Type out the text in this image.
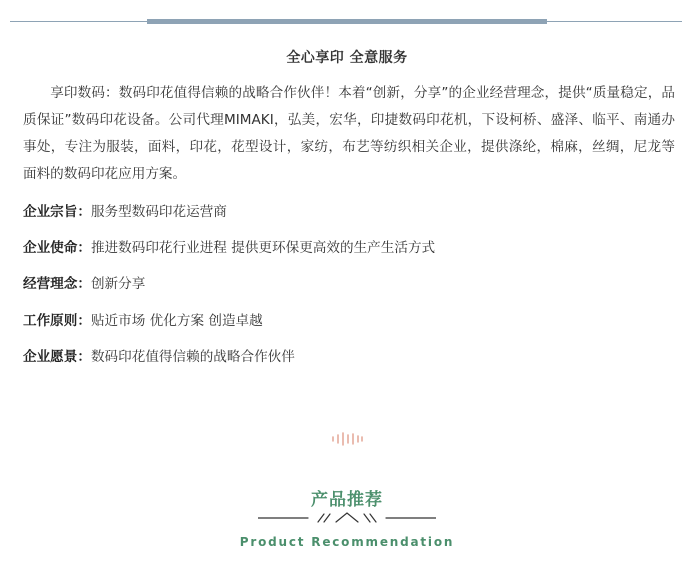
全心享印 全意服务

享印数码：数码印花值得信赖的战略合作伙伴！本着“创新，分享”的企业经营理念，提供“质量稳定，品质保证”数码印花设备。公司代理MIMAKI，弘美，宏华，印捷数码印花机，下设柯桥、盛泽、临平、南通办事处，专注为服装，面料，印花，花型设计，家纺，布艺等纺织相关企业，提供涤纶，棉麻，丝绸，尼龙等面料的数码印花应用方案。

企业宗旨：服务型数码印花运营商
企业使命：推进数码印花行业进程 提供更环保更高效的生产生活方式
经营理念：创新分享
工作原则：贴近市场 优化方案 创造卓越
企业愿景：数码印花值得信赖的战略合作伙伴
产品推荐
Product Recommendation
